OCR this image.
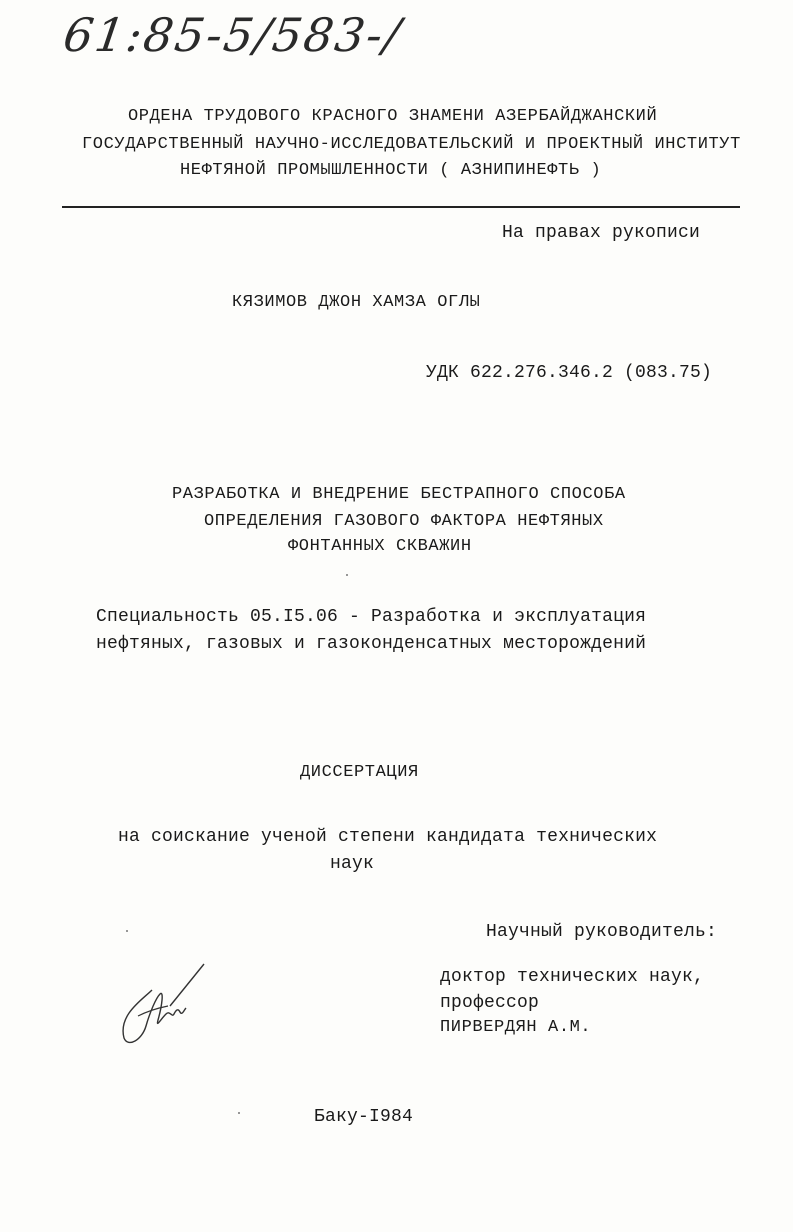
61:85-5/583-/
ОРДЕНА ТРУДОВОГО КРАСНОГО ЗНАМЕНИ АЗЕРБАЙДЖАНСКИЙ
ГОСУДАРСТВЕННЫЙ НАУЧНО-ИССЛЕДОВАТЕЛЬСКИЙ И ПРОЕКТНЫЙ ИНСТИТУТ
НЕФТЯНОЙ ПРОМЫШЛЕННОСТИ ( АЗНИПИНЕФТЬ )
На правах рукописи
КЯЗИМОВ ДЖОН ХАМЗА ОГЛЫ
УДК 622.276.346.2 (083.75)
РАЗРАБОТКА И ВНЕДРЕНИЕ БЕСТРАПНОГО СПОСОБА
ОПРЕДЕЛЕНИЯ ГАЗОВОГО ФАКТОРА НЕФТЯНЫХ
ФОНТАННЫХ СКВАЖИН
Специальность 05.I5.06 - Разработка и эксплуатация
нефтяных, газовых и газоконденсатных месторождений
ДИССЕРТАЦИЯ
на соискание ученой степени кандидата технических
наук
Научный руководитель:
доктор технических наук,
профессор
ПИРВЕРДЯН А.М.
Баку-I984
